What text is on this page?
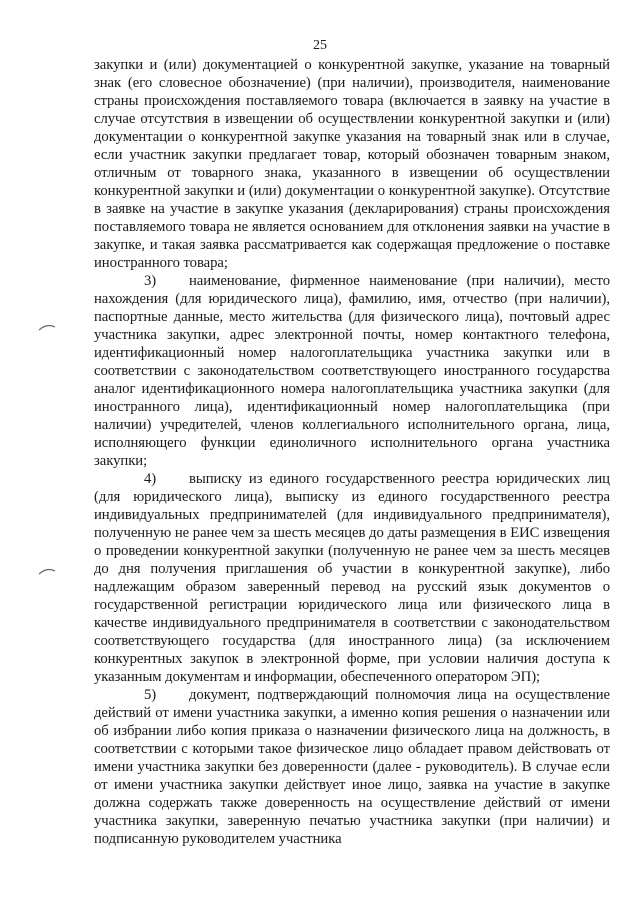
25

закупки и (или) документацией о конкурентной закупке, указание на товарный знак (его словесное обозначение) (при наличии), производителя, наименование страны происхождения поставляемого товара (включается в заявку на участие в случае отсутствия в извещении об осуществлении конкурентной закупки и (или) документации о конкурентной закупке указания на товарный знак или в случае, если участник закупки предлагает товар, который обозначен товарным знаком, отличным от товарного знака, указанного в извещении об осуществлении конкурентной закупки и (или) документации о конкурентной закупке). Отсутствие в заявке на участие в закупке указания (декларирования) страны происхождения поставляемого товара не является основанием для отклонения заявки на участие в закупке, и такая заявка рассматривается как содержащая предложение о поставке иностранного товара;

3) наименование, фирменное наименование (при наличии), место нахождения (для юридического лица), фамилию, имя, отчество (при наличии), паспортные данные, место жительства (для физического лица), почтовый адрес участника закупки, адрес электронной почты, номер контактного телефона, идентификационный номер налогоплательщика участника закупки или в соответствии с законодательством соответствующего иностранного государства аналог идентификационного номера налогоплательщика участника закупки (для иностранного лица), идентификационный номер налогоплательщика (при наличии) учредителей, членов коллегиального исполнительного органа, лица, исполняющего функции единоличного исполнительного органа участника закупки;

4) выписку из единого государственного реестра юридических лиц (для юридического лица), выписку из единого государственного реестра индивидуальных предпринимателей (для индивидуального предпринимателя), полученную не ранее чем за шесть месяцев до даты размещения в ЕИС извещения о проведении конкурентной закупки (полученную не ранее чем за шесть месяцев до дня получения приглашения об участии в конкурентной закупке), либо надлежащим образом заверенный перевод на русский язык документов о государственной регистрации юридического лица или физического лица в качестве индивидуального предпринимателя в соответствии с законодательством соответствующего государства (для иностранного лица) (за исключением конкурентных закупок в электронной форме, при условии наличия доступа к указанным документам и информации, обеспеченного оператором ЭП);

5) документ, подтверждающий полномочия лица на осуществление действий от имени участника закупки, а именно копия решения о назначении или об избрании либо копия приказа о назначении физического лица на должность, в соответствии с которыми такое физическое лицо обладает правом действовать от имени участника закупки без доверенности (далее - руководитель). В случае если от имени участника закупки действует иное лицо, заявка на участие в закупке должна содержать также доверенность на осуществление действий от имени участника закупки, заверенную печатью участника закупки (при наличии) и подписанную руководителем участника
